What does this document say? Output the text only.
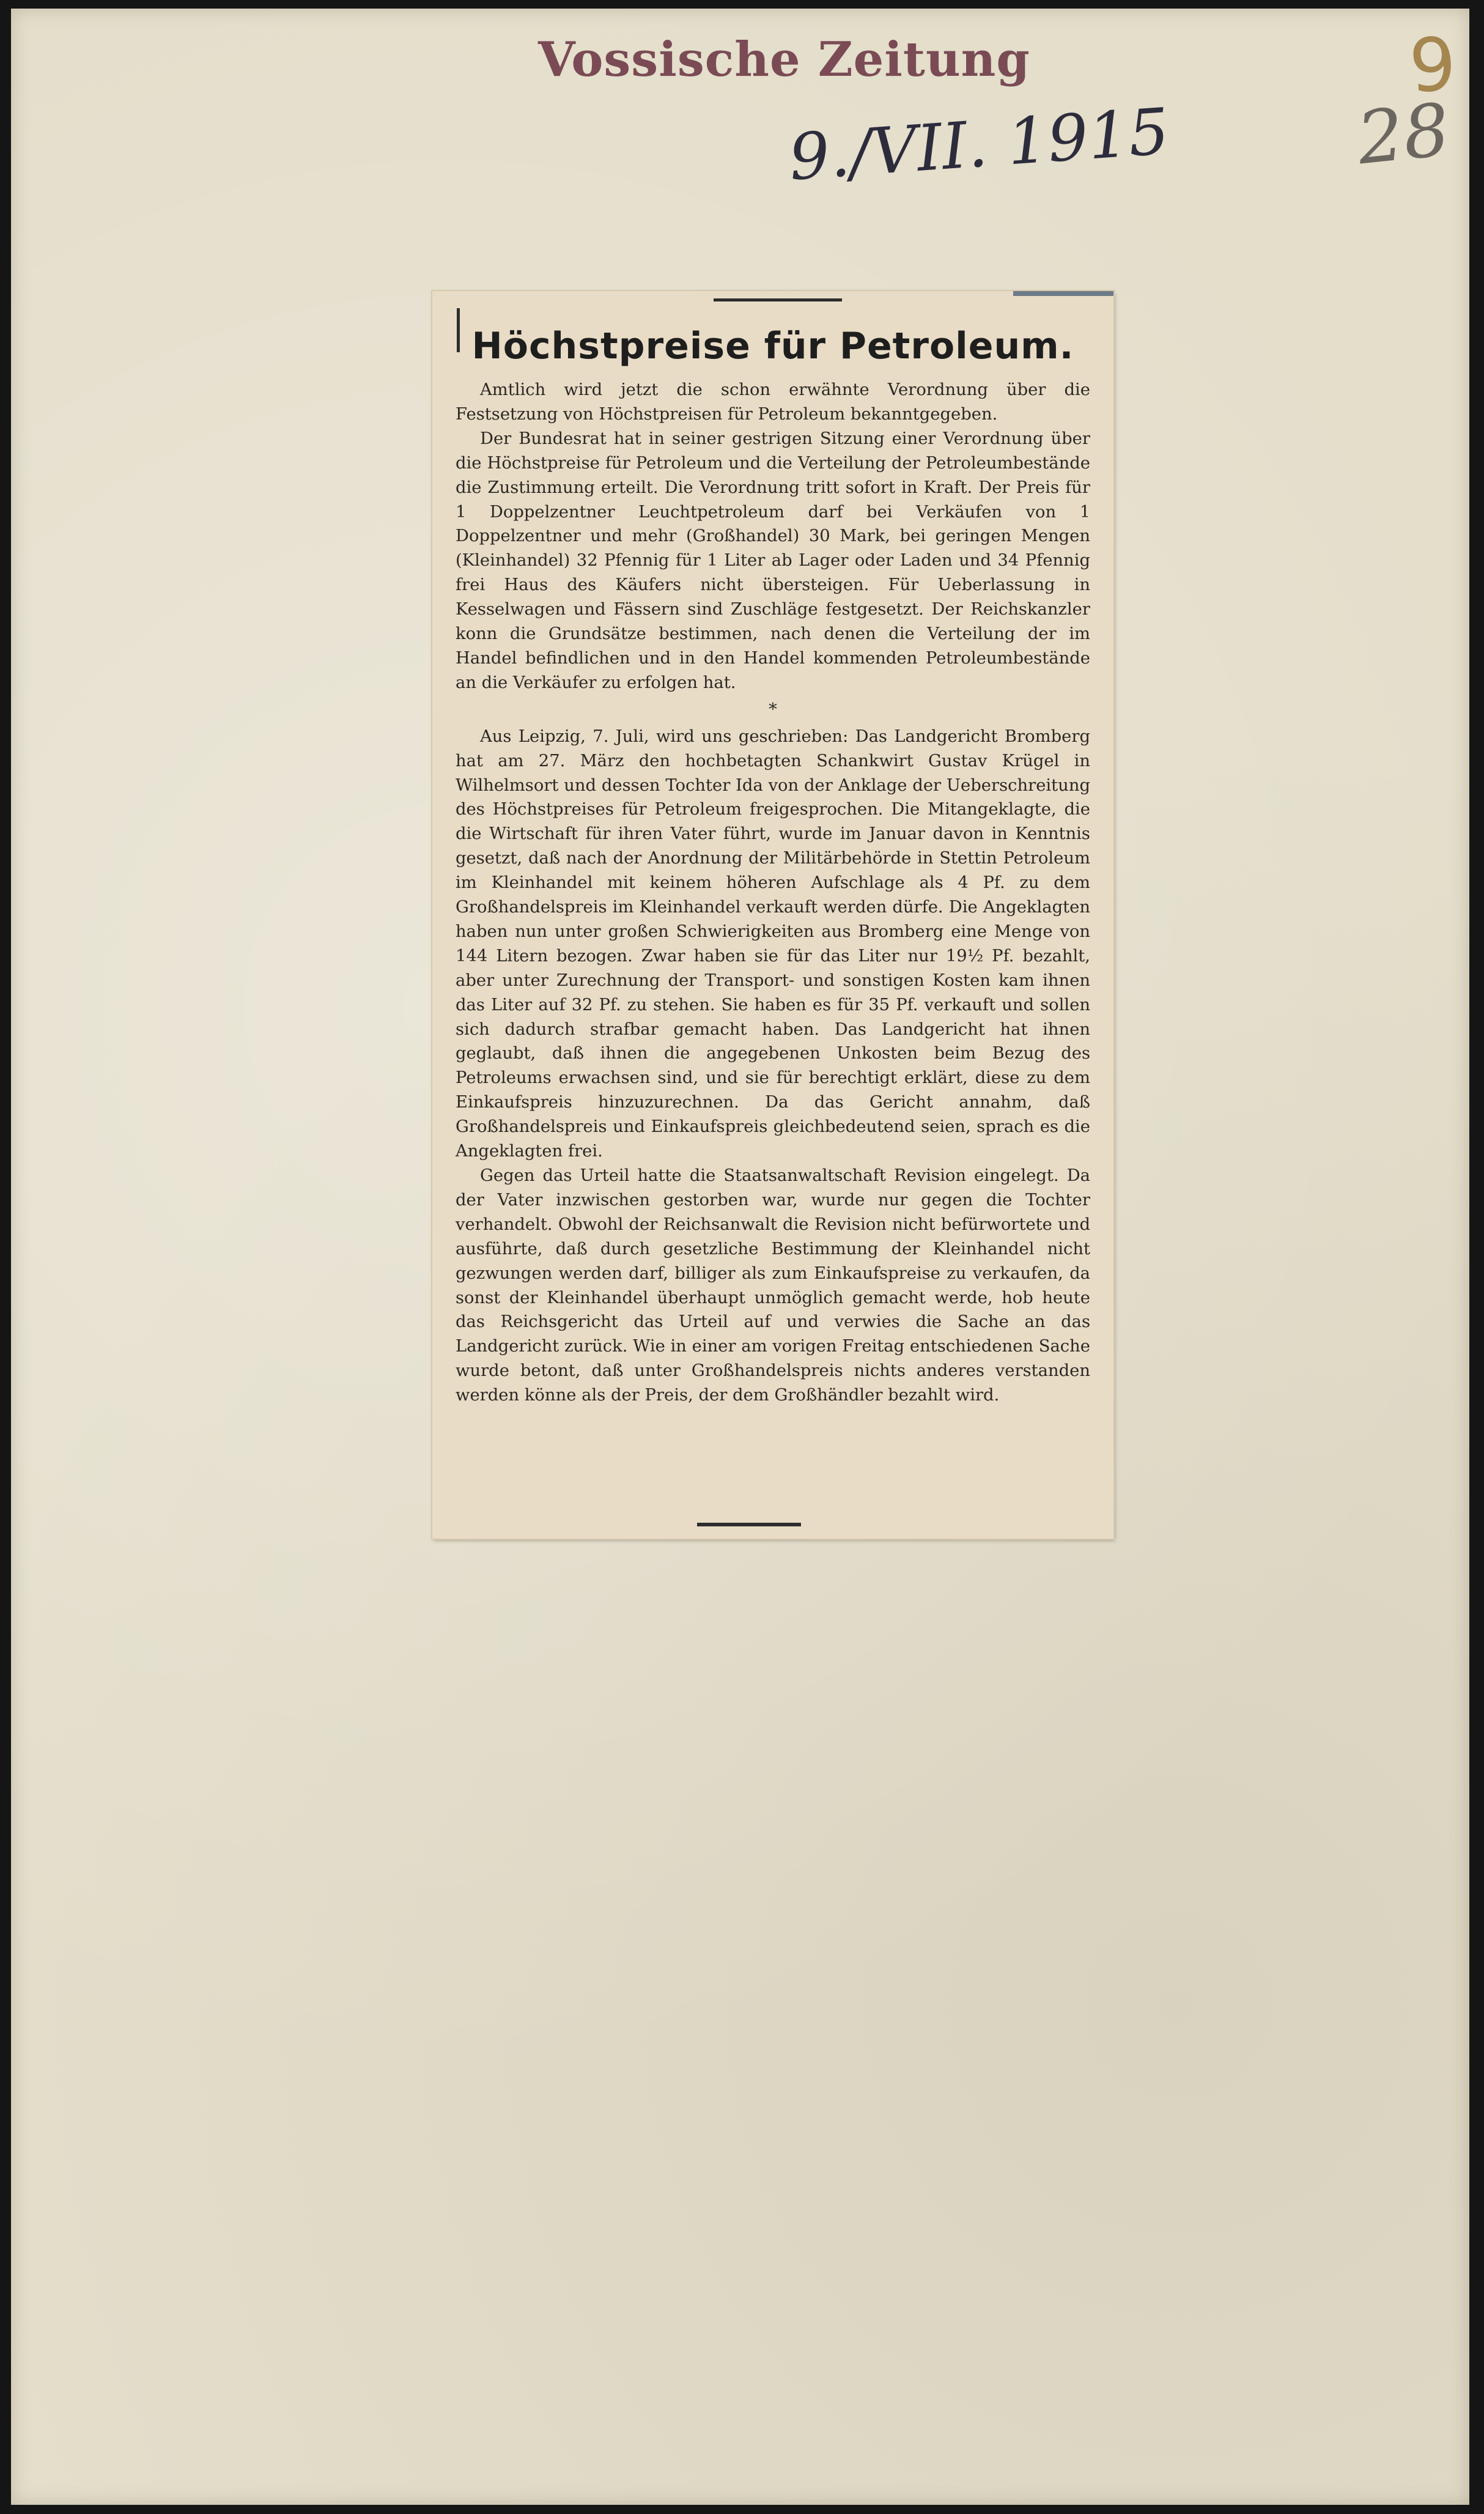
Vossische Zeitung
9./VII. 1915
9
28
Höchstpreise für Petroleum.

Amtlich wird jetzt die schon erwähnte Verordnung über die Festsetzung von Höchstpreisen für Petroleum bekanntgegeben.

Der Bundesrat hat in seiner gestrigen Sitzung einer Verordnung über die Höchstpreise für Petroleum und die Verteilung der Petroleumbestände die Zustimmung erteilt. Die Verordnung tritt sofort in Kraft. Der Preis für 1 Doppelzentner Leuchtpetroleum darf bei Verkäufen von 1 Doppelzentner und mehr (Großhandel) 30 Mark, bei geringen Mengen (Kleinhandel) 32 Pfennig für 1 Liter ab Lager oder Laden und 34 Pfennig frei Haus des Käufers nicht übersteigen. Für Ueberlassung in Kesselwagen und Fässern sind Zuschläge festgesetzt. Der Reichskanzler konn die Grundsätze bestimmen, nach denen die Verteilung der im Handel befindlichen und in den Handel kommenden Petroleumbestände an die Verkäufer zu erfolgen hat.

*

Aus Leipzig, 7. Juli, wird uns geschrieben: Das Landgericht Bromberg hat am 27. März den hochbetagten Schankwirt Gustav Krügel in Wilhelmsort und dessen Tochter Ida von der Anklage der Ueberschreitung des Höchstpreises für Petroleum freigesprochen. Die Mitangeklagte, die die Wirtschaft für ihren Vater führt, wurde im Januar davon in Kenntnis gesetzt, daß nach der Anordnung der Militärbehörde in Stettin Petroleum im Kleinhandel mit keinem höheren Aufschlage als 4 Pf. zu dem Großhandelspreis im Kleinhandel verkauft werden dürfe. Die Angeklagten haben nun unter großen Schwierigkeiten aus Bromberg eine Menge von 144 Litern bezogen. Zwar haben sie für das Liter nur 19½ Pf. bezahlt, aber unter Zurechnung der Transport- und sonstigen Kosten kam ihnen das Liter auf 32 Pf. zu stehen. Sie haben es für 35 Pf. verkauft und sollen sich dadurch strafbar gemacht haben. Das Landgericht hat ihnen geglaubt, daß ihnen die angegebenen Unkosten beim Bezug des Petroleums erwachsen sind, und sie für berechtigt erklärt, diese zu dem Einkaufspreis hinzuzurechnen. Da das Gericht annahm, daß Großhandelspreis und Einkaufspreis gleichbedeutend seien, sprach es die Angeklagten frei.

Gegen das Urteil hatte die Staatsanwaltschaft Revision eingelegt. Da der Vater inzwischen gestorben war, wurde nur gegen die Tochter verhandelt. Obwohl der Reichsanwalt die Revision nicht befürwortete und ausführte, daß durch gesetzliche Bestimmung der Kleinhandel nicht gezwungen werden darf, billiger als zum Einkaufspreise zu verkaufen, da sonst der Kleinhandel überhaupt unmöglich gemacht werde, hob heute das Reichsgericht das Urteil auf und verwies die Sache an das Landgericht zurück. Wie in einer am vorigen Freitag entschiedenen Sache wurde betont, daß unter Großhandelspreis nichts anderes verstanden werden könne als der Preis, der dem Großhändler bezahlt wird.
